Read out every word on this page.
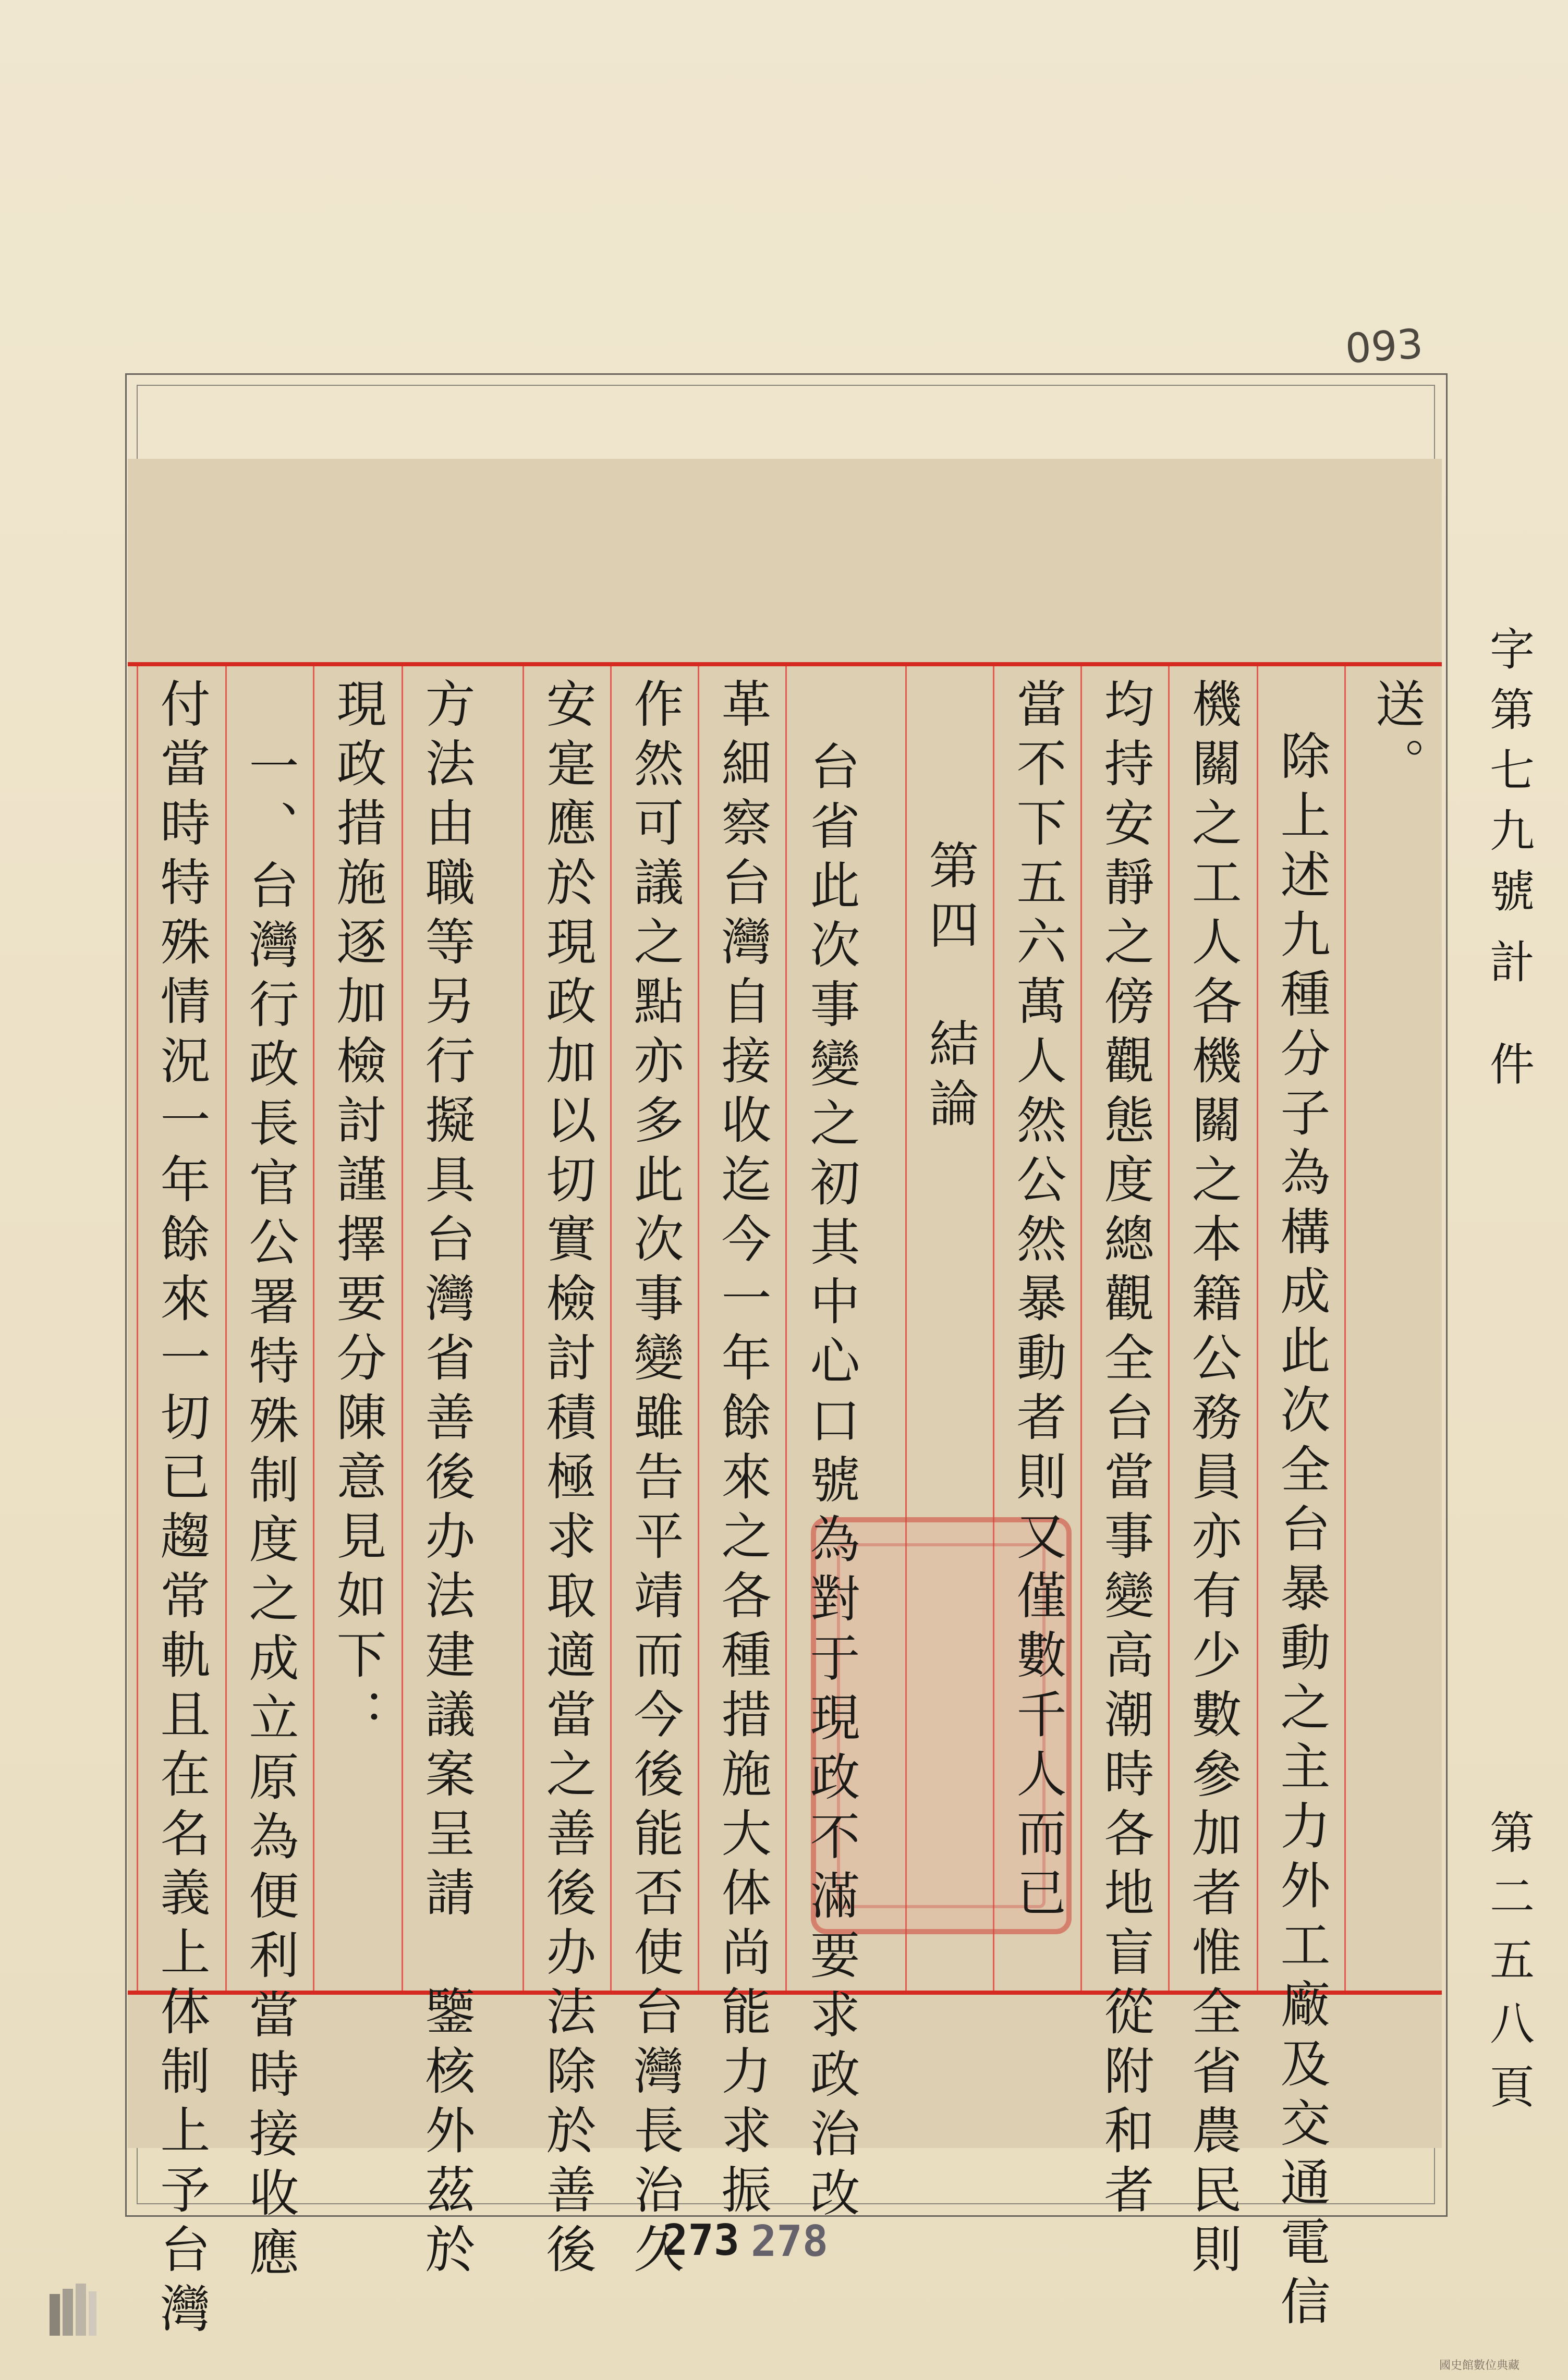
093
字第七九號
計件
第二五八頁
送。
除上述九種分子為構成此次全台暴動之主力外工廠及交通電信
機關之工人各機關之本籍公務員亦有少數參加者惟全省農民則
均持安靜之傍觀態度總觀全台當事變高潮時各地盲從附和者
當不下五六萬人然公然暴動者則又僅數千人而已
第四　結論
台省此次事變之初其中心口號為對于現政不滿要求政治改
革細察台灣自接收迄今一年餘來之各種措施大体尚能力求振
作然可議之點亦多此次事變雖告平靖而今後能否使台灣長治久
安寔應於現政加以切實檢討積極求取適當之善後办法除於善後
方法由職等另行擬具台灣省善後办法建議案呈請　鑒核外茲於
現政措施逐加檢討謹擇要分陳意見如下：
一、台灣行政長官公署特殊制度之成立原為便利當時接收應
付當時特殊情況一年餘來一切已趨常軌且在名義上体制上予台灣	273 278
國史館數位典藏
